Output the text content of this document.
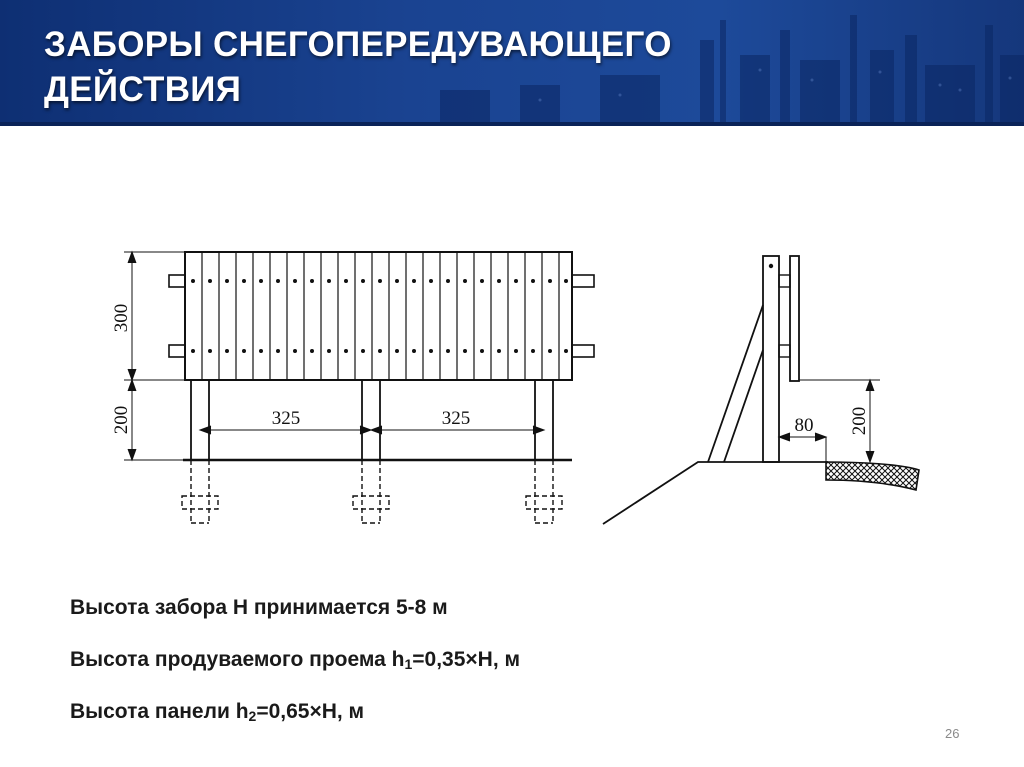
ЗАБОРЫ СНЕГОПЕРЕДУВАЮЩЕГО
ДЕЙСТВИЯ
300
200	325	325	80 200
Высота забора Н принимается 5-8 м
Высота продуваемого проема $h_1=0,35\times Н$, м
Высота панели $h_2=0,65\times Н$, м
26
